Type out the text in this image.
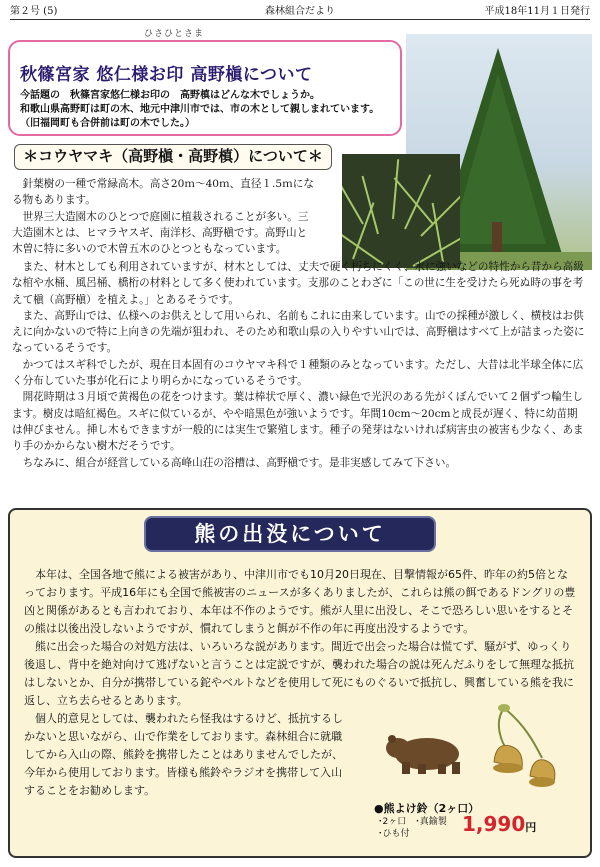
第２号 (5)	森林組合だより	平成18年11月１日発行
ひさひとさま
秋篠宮家 悠仁様お印 高野槇について
今話題の　秋篠宮家悠仁様お印の　高野槙はどんな木でしょうか。
和歌山県高野町は町の木、地元中津川市では、市の木として親しまれています。
（旧福岡町も合併前は町の木でした。）
＊コウヤマキ（高野槇・高野槙）について＊

針葉樹の一種で常緑高木。高さ20ｍ～40ｍ、直径１.5ｍにな

る物もあります。

世界三大造園木のひとつで庭園に植栽されることが多い。三

大造園木とは、ヒマラヤスギ、南洋杉、高野槇です。高野山と
木曽に特に多いので木曽五木のひとつともなっています。

また、材木としても利用されていますが、材木としては、丈夫で硬く朽ちにくく、水に強いなどの特性から昔から高級な棺や水桶、風呂桶、橋桁の材料として多く使われています。支那のことわざに「この世に生を受けたら死ぬ時の事を考えて槇（高野槇）を植えよ。」とあるそうです。

また、高野山では、仏様へのお供えとして用いられ、名前もこれに由来しています。山での採種が激しく、横枝はお供えに向かないので特に上向きの先端が狙われ、そのため和歌山県の入りやすい山では、高野槇はすべて上が詰まった姿になっているそうです。

かつてはスギ科でしたが、現在日本固有のコウヤマキ科で１種類のみとなっています。ただし、大昔は北半球全体に広く分布していた事が化石により明らかになっているそうです。

開花時期は３月頃で黄褐色の花をつけます。葉は棒状で厚く、濃い緑色で光沢のある先がくぼんでいて２個ずつ輪生します。樹皮は暗紅褐色。スギに似ているが、やや暗黒色が強いようです。年間10cm～20cmと成長が遅く、特に幼苗期は伸びません。挿し木もできますが一般的には実生で繁殖します。種子の発芽はないければ病害虫の被害も少なく、あまり手のかからない樹木だそうです。

ちなみに、組合が経営している高峰山荘の浴槽は、高野槇です。是非実感してみて下さい。

熊の出没について

本年は、全国各地で熊による被害があり、中津川市でも10月20日現在、目撃情報が65件、昨年の約5倍となっております。平成16年にも全国で熊被害のニュースが多くありましたが、これらは熊の餌であるドングリの豊凶と関係があるとも言われており、本年は不作のようです。熊が人里に出没し、そこで恐ろしい思いをするとその熊は以後出没しないようですが、慣れてしまうと餌が不作の年に再度出没するようです。

熊に出会った場合の対処方法は、いろいろな説があります。間近で出会った場合は慌てず、騒がず、ゆっくり後退し、背中を絶対向けて逃げないと言うことは定説ですが、襲われた場合の説は死んだふりをして無理な抵抗はしないとか、自分が携帯している鉈やベルトなどを使用して死にものぐるいで抵抗し、興奮している熊を我に返し、立ち去らせるとあります。

個人的意見としては、襲われたら怪我はするけど、抵抗するしかないと思いながら、山で作業をしております。森林組合に就職してから入山の際、熊鈴を携帯したことはありませんでしたが、今年から使用しております。皆様も熊鈴やラジオを携帯して入山することをお勧めします。

●熊よけ鈴（2ヶ口）
･2ヶ口　･真鍮製
･ひも付	1,990円
